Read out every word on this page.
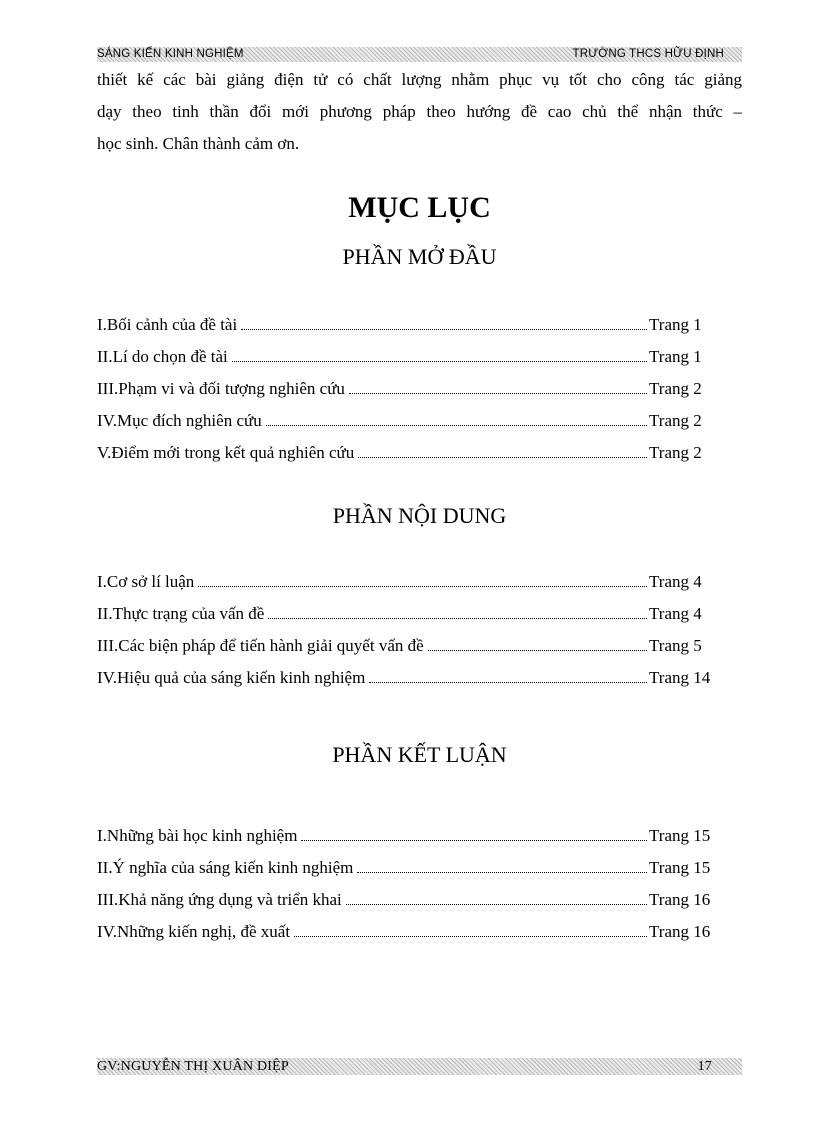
SÁNG KIẾN KINH NGHIỆM	TRƯỜNG THCS HỮU ĐỊNH

thiết kế các bài giảng điện tử có chất lượng nhằm phục vụ tốt cho công tác giảng

dạy theo tinh thần đổi mới phương pháp theo hướng đề cao chủ thể nhận thức –

học sinh. Chân thành cảm ơn.

MỤC LỤC
PHẦN MỞ ĐẦU
I.Bối cảnh của đề tài	Trang 1
II.Lí do chọn đề tài	Trang 1
III.Phạm vi và đối tượng nghiên cứu	Trang 2
IV.Mục đích nghiên cứu	Trang 2
V.Điểm mới trong kết quả nghiên cứu	Trang 2
PHẦN NỘI DUNG
I.Cơ sở lí luận	Trang 4
II.Thực trạng của vấn đề	Trang 4
III.Các biện pháp để tiến hành giải quyết vấn đề	Trang 5
IV.Hiệu quả của sáng kiến kinh nghiệm	Trang 14
PHẦN KẾT LUẬN
I.Những bài học kinh nghiệm	Trang 15
II.Ý nghĩa của sáng kiến kinh nghiệm	Trang 15
III.Khả năng ứng dụng và triển khai	Trang 16
IV.Những kiến nghị, đề xuất	Trang 16
GV:NGUYỄN THỊ XUÂN DIỆP	17
